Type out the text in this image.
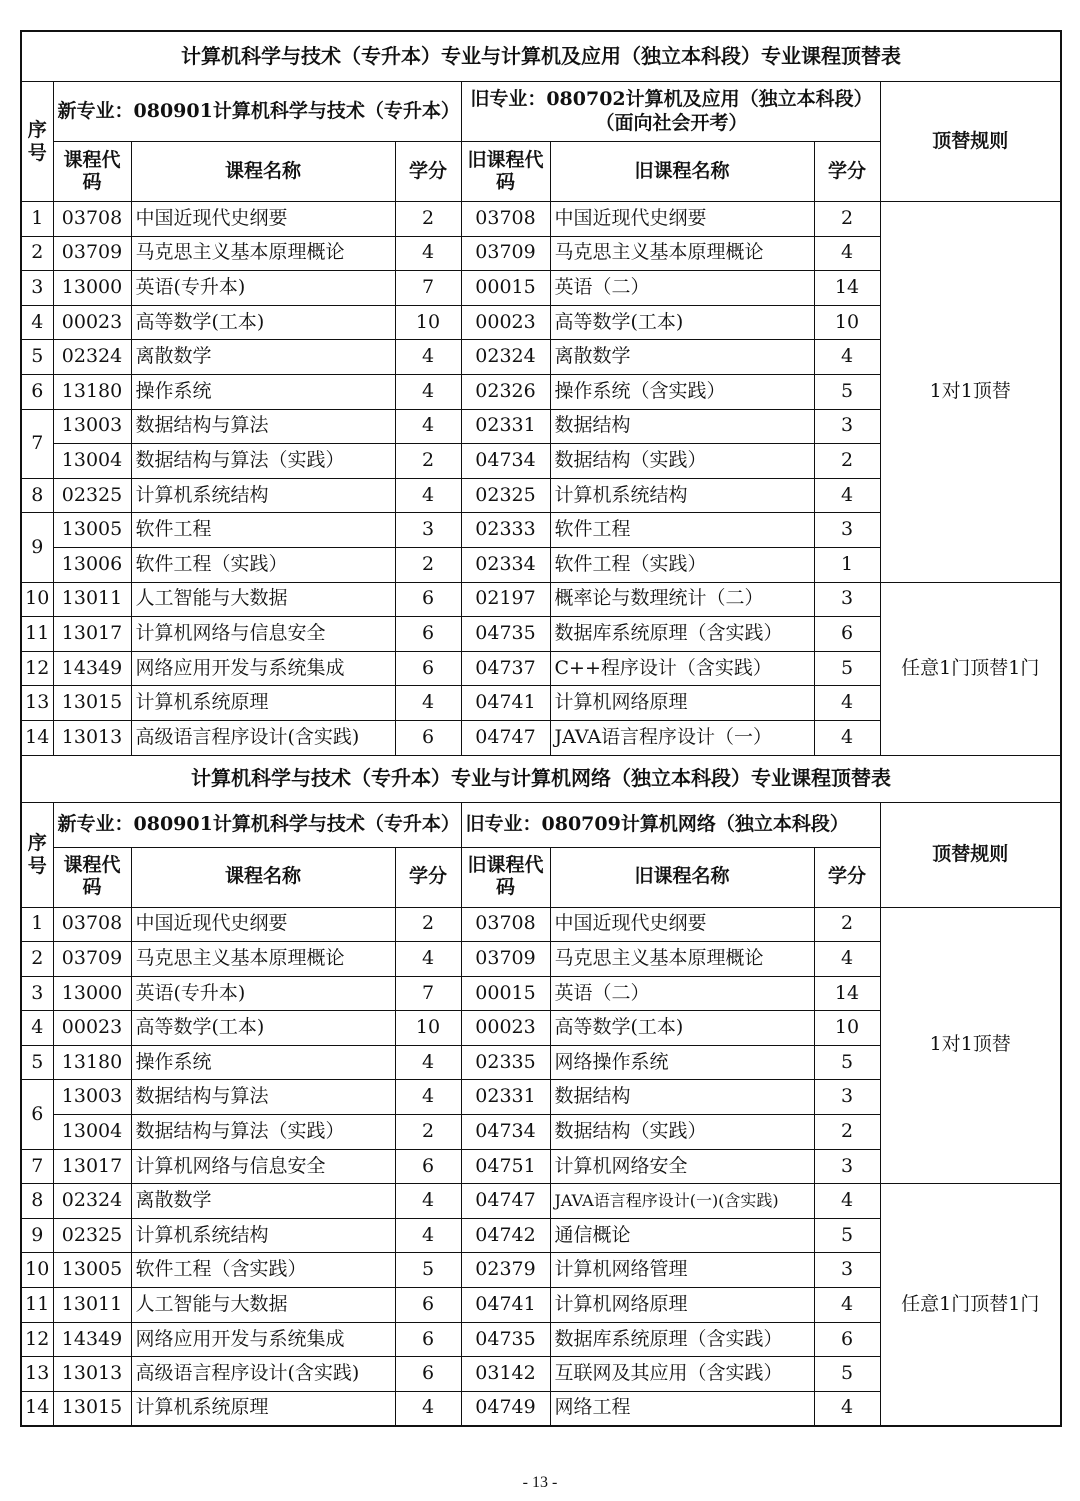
计算机科学与技术（专升本）专业与计算机及应用（独立本科段）专业课程顶替表							
序号	新专业：080901计算机科学与技术（专升本）			旧专业：080702计算机及应用（独立本科段）（面向社会开考）			顶替规则
	课程代码	课程名称	学分	旧课程代码	旧课程名称	学分	
1	03708	中国近现代史纲要	2	03708	中国近现代史纲要	2	1对1顶替
2	03709	马克思主义基本原理概论	4	03709	马克思主义基本原理概论	4	
3	13000	英语(专升本)	7	00015	英语（二）	14	
4	00023	高等数学(工本)	10	00023	高等数学(工本)	10	
5	02324	离散数学	4	02324	离散数学	4	
6	13180	操作系统	4	02326	操作系统（含实践）	5	
7	13003	数据结构与算法	4	02331	数据结构	3	
	13004	数据结构与算法（实践）	2	04734	数据结构（实践）	2	
8	02325	计算机系统结构	4	02325	计算机系统结构	4	
9	13005	软件工程	3	02333	软件工程	3	
	13006	软件工程（实践）	2	02334	软件工程（实践）	1	
10	13011	人工智能与大数据	6	02197	概率论与数理统计（二）	3	任意1门顶替1门
11	13017	计算机网络与信息安全	6	04735	数据库系统原理（含实践）	6	
12	14349	网络应用开发与系统集成	6	04737	C++程序设计（含实践）	5	
13	13015	计算机系统原理	4	04741	计算机网络原理	4	
14	13013	高级语言程序设计(含实践)	6	04747	JAVA语言程序设计（一）	4	
计算机科学与技术（专升本）专业与计算机网络（独立本科段）专业课程顶替表							
序号	新专业：080901计算机科学与技术（专升本）			旧专业：080709计算机网络（独立本科段）			顶替规则
	课程代码	课程名称	学分	旧课程代码	旧课程名称	学分	
1	03708	中国近现代史纲要	2	03708	中国近现代史纲要	2	1对1顶替
2	03709	马克思主义基本原理概论	4	03709	马克思主义基本原理概论	4	
3	13000	英语(专升本)	7	00015	英语（二）	14	
4	00023	高等数学(工本)	10	00023	高等数学(工本)	10	
5	13180	操作系统	4	02335	网络操作系统	5	
6	13003	数据结构与算法	4	02331	数据结构	3	
	13004	数据结构与算法（实践）	2	04734	数据结构（实践）	2	
7	13017	计算机网络与信息安全	6	04751	计算机网络安全	3	
8	02324	离散数学	4	04747	JAVA语言程序设计(一)(含实践)	4	任意1门顶替1门
9	02325	计算机系统结构	4	04742	通信概论	5	
10	13005	软件工程（含实践）	5	02379	计算机网络管理	3	
11	13011	人工智能与大数据	6	04741	计算机网络原理	4	
12	14349	网络应用开发与系统集成	6	04735	数据库系统原理（含实践）	6	
13	13013	高级语言程序设计(含实践)	6	03142	互联网及其应用（含实践）	5	
14	13015	计算机系统原理	4	04749	网络工程	4	
- 13 -
